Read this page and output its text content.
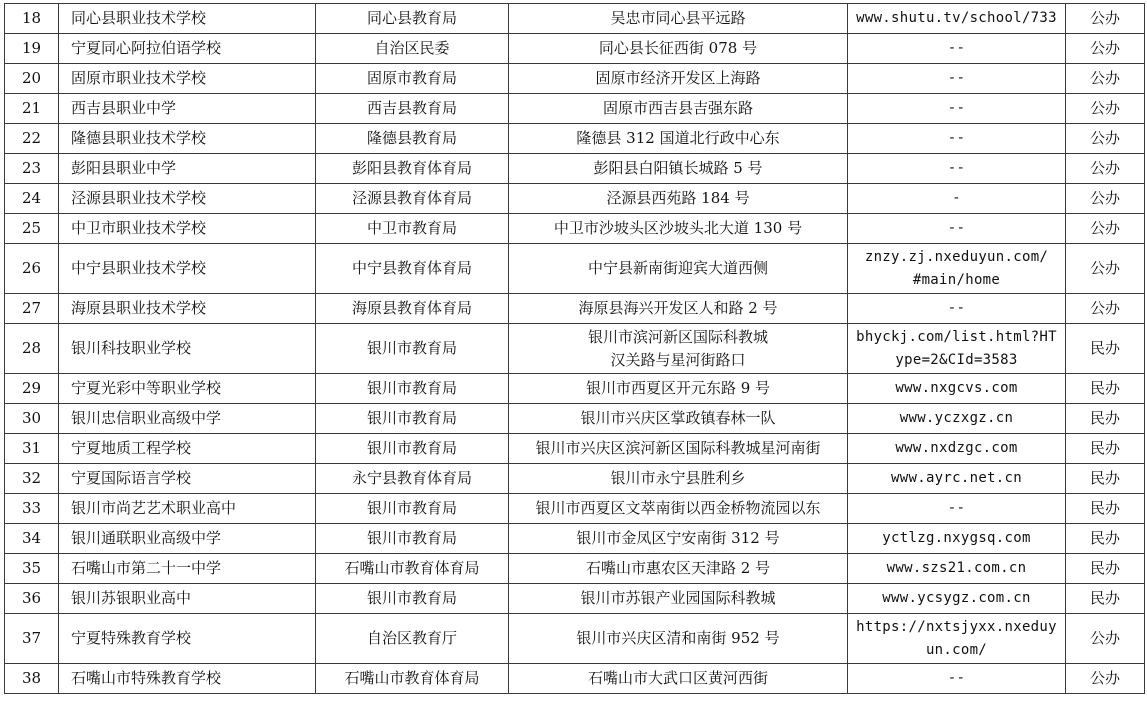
18	同心县职业技术学校	同心县教育局	吴忠市同心县平远路	www.shutu.tv/school/733	公办
19	宁夏同心阿拉伯语学校	自治区民委	同心县长征西街 078 号	--	公办
20	固原市职业技术学校	固原市教育局	固原市经济开发区上海路	--	公办
21	西吉县职业中学	西吉县教育局	固原市西吉县吉强东路	--	公办
22	隆德县职业技术学校	隆德县教育局	隆德县 312 国道北行政中心东	--	公办
23	彭阳县职业中学	彭阳县教育体育局	彭阳县白阳镇长城路 5 号	--	公办
24	泾源县职业技术学校	泾源县教育体育局	泾源县西苑路 184 号	-	公办
25	中卫市职业技术学校	中卫市教育局	中卫市沙坡头区沙坡头北大道 130 号	--	公办
26	中宁县职业技术学校	中宁县教育体育局	中宁县新南街迎宾大道西侧	znzy.zj.nxeduyun.com/
#main/home	公办
27	海原县职业技术学校	海原县教育体育局	海原县海兴开发区人和路 2 号	--	公办
28	银川科技职业学校	银川市教育局	银川市滨河新区国际科教城
汉关路与星河街路口	bhyckj.com/list.html?HT
ype=2&CId=3583	民办
29	宁夏光彩中等职业学校	银川市教育局	银川市西夏区开元东路 9 号	www.nxgcvs.com	民办
30	银川忠信职业高级中学	银川市教育局	银川市兴庆区掌政镇春林一队	www.yczxgz.cn	民办
31	宁夏地质工程学校	银川市教育局	银川市兴庆区滨河新区国际科教城星河南街	www.nxdzgc.com	民办
32	宁夏国际语言学校	永宁县教育体育局	银川市永宁县胜利乡	www.ayrc.net.cn	民办
33	银川市尚艺艺术职业高中	银川市教育局	银川市西夏区文萃南街以西金桥物流园以东	--	民办
34	银川通联职业高级中学	银川市教育局	银川市金凤区宁安南街 312 号	yctlzg.nxygsq.com	民办
35	石嘴山市第二十一中学	石嘴山市教育体育局	石嘴山市惠农区天津路 2 号	www.szs21.com.cn	民办
36	银川苏银职业高中	银川市教育局	银川市苏银产业园国际科教城	www.ycsygz.com.cn	民办
37	宁夏特殊教育学校	自治区教育厅	银川市兴庆区清和南街 952 号	https://nxtsjyxx.nxeduy
un.com/	公办
38	石嘴山市特殊教育学校	石嘴山市教育体育局	石嘴山市大武口区黄河西街	--	公办
